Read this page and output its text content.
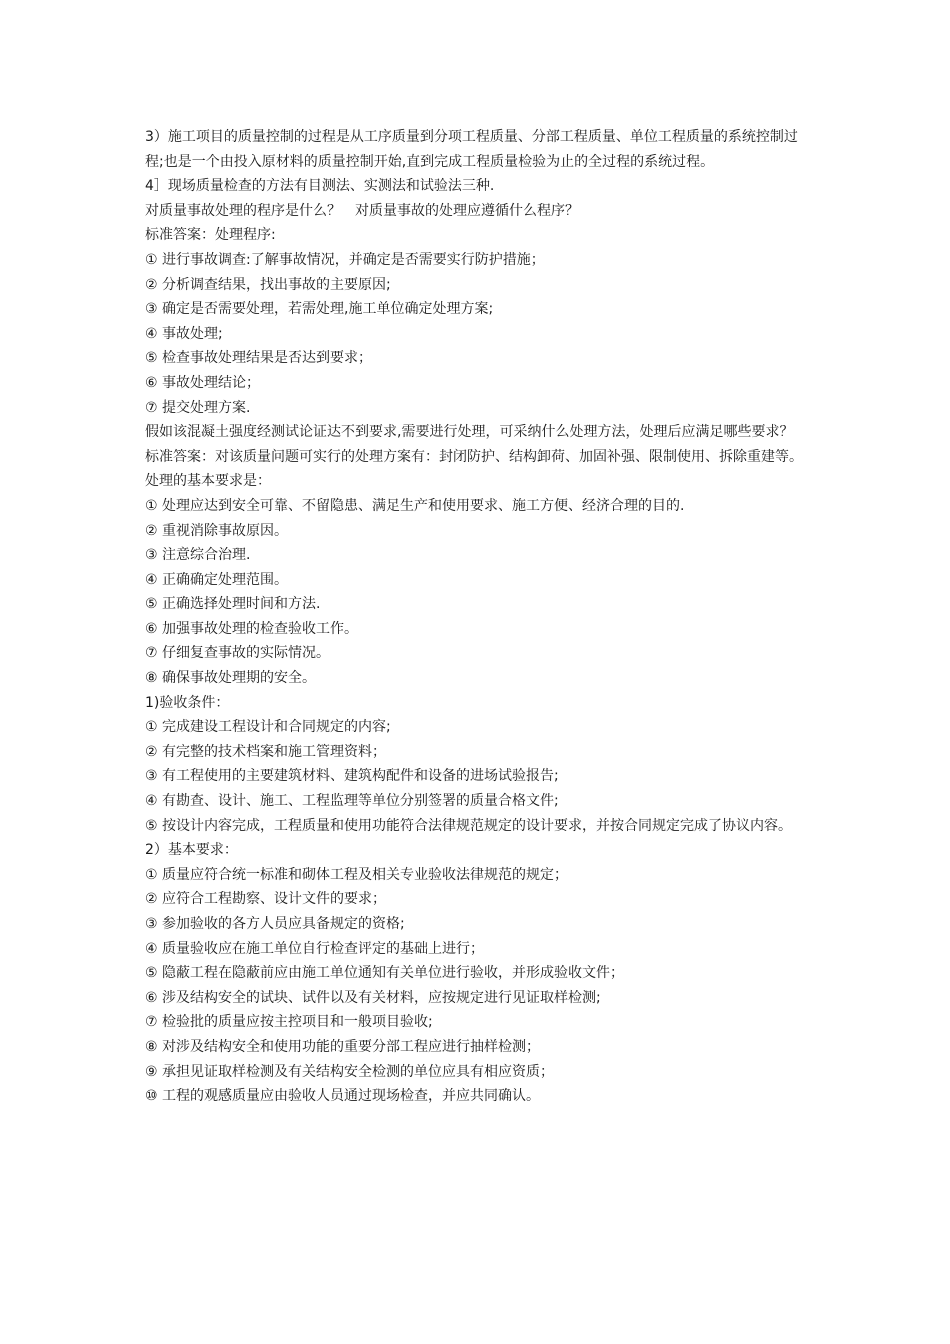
3）施工项目的质量控制的过程是从工序质量到分项工程质量、分部工程质量、单位工程质量的系统控制过程;也是一个由投入原材料的质量控制开始,直到完成工程质量检验为止的全过程的系统过程。

4］现场质量检查的方法有目测法、实测法和试验法三种.

对质量事故处理的程序是什么？　对质量事故的处理应遵循什么程序？

标准答案：处理程序:

① 进行事故调查:了解事故情况，并确定是否需要实行防护措施；

② 分析调查结果，找出事故的主要原因;

③ 确定是否需要处理，若需处理,施工单位确定处理方案;

④ 事故处理;

⑤ 检查事故处理结果是否达到要求；

⑥ 事故处理结论；

⑦ 提交处理方案.

假如该混凝土强度经测试论证达不到要求,需要进行处理，可采纳什么处理方法，处理后应满足哪些要求？

标准答案：对该质量问题可实行的处理方案有：封闭防护、结构卸荷、加固补强、限制使用、拆除重建等。

处理的基本要求是：

① 处理应达到安全可靠、不留隐患、满足生产和使用要求、施工方便、经济合理的目的.

② 重视消除事故原因。

③ 注意综合治理.

④ 正确确定处理范围。

⑤ 正确选择处理时间和方法.

⑥ 加强事故处理的检查验收工作。

⑦ 仔细复查事故的实际情况。

⑧ 确保事故处理期的安全。

1)验收条件：

① 完成建设工程设计和合同规定的内容;

② 有完整的技术档案和施工管理资料；

③ 有工程使用的主要建筑材料、建筑构配件和设备的进场试验报告;

④ 有勘查、设计、施工、工程监理等单位分别签署的质量合格文件;

⑤ 按设计内容完成，工程质量和使用功能符合法律规范规定的设计要求，并按合同规定完成了协议内容。

2）基本要求：

① 质量应符合统一标准和砌体工程及相关专业验收法律规范的规定；

② 应符合工程勘察、设计文件的要求；

③ 参加验收的各方人员应具备规定的资格;

④ 质量验收应在施工单位自行检查评定的基础上进行；

⑤ 隐蔽工程在隐蔽前应由施工单位通知有关单位进行验收，并形成验收文件；

⑥ 涉及结构安全的试块、试件以及有关材料，应按规定进行见证取样检测;

⑦ 检验批的质量应按主控项目和一般项目验收;

⑧ 对涉及结构安全和使用功能的重要分部工程应进行抽样检测；

⑨ 承担见证取样检测及有关结构安全检测的单位应具有相应资质；

⑩ 工程的观感质量应由验收人员通过现场检查，并应共同确认。
